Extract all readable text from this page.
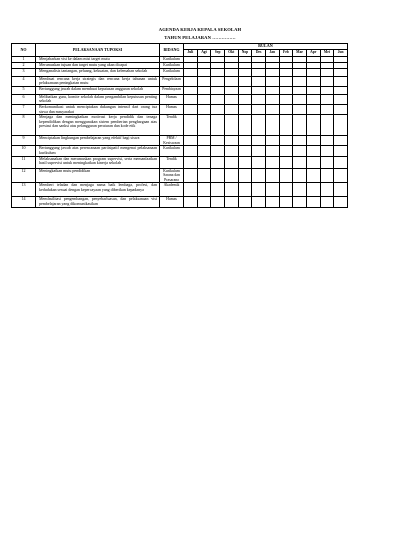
AGENDA KERJA KEPALA SEKOLAH
TAHUN PELAJARAN ……………
NO	PELAKSANAAN TUPOKSI	BIDANG	BULAN											
			Juli	Agt	Sep	Okt	Nop	Des	Jan	Feb	Mar	Apr	Mei	Jun
1	Menjabarkan visi ke dalam misi target mutu	Kurikulum												
2	Merumuskan tujuan dan target mutu yang akan dicapai	Kurikulum												
3	Menganalisis tantangan, peluang, kekuatan, dan kelemahan sekolah	Kurikulum												
4	Membuat rencana kerja strategis dan rencana kerja tahunan untuk pelaksanaan peningkatan mutu	Pengelolaan												
5	Bertanggung jawab dalam membuat keputusan anggaran sekolah	Pembiayaan												
6	Melibatkan guru, komite sekolah dalam pengambilan keputusan penting sekolah	Humas												
7	Berkomunikasi untuk menciptakan dukungan intensif dari orang tua siswa dan masyarakat	Humas												
8	Menjaga dan meningkatkan motivasi kerja pendidik dan tenaga kependidikan dengan menggunakan sistem pemberian penghargaan atas prestasi dan sanksi atas pelanggaran peraturan dan kode etik	Tendik												
9	Menciptakan lingkungan pembelajaran yang efektif bagi siswa	PBM / Kesiswaan												
10	Bertanggung jawab atas perencanaan partisipatif mengenai pelaksanaan kurikulum	Kurikulum												
11	Melaksanakan dan merumuskan program supervisi, serta memanfaatkan hasil supervisi untuk meningkatkan kinerja sekolah	Tendik												
12	Meningkatkan mutu pendidikan	Kurikulum Sarana dan Prasarana												
13	Memberi teladan dan menjaga nama baik lembaga, profesi, dan kedudukan sesuai dengan kepercayaan yang diberikan kepadanya	Akademik												
14	Memfasilitasi pengembangan, penyebarluasan, dan pelaksanaan visi pembelajaran yang dikomunikasikan	Humas												
